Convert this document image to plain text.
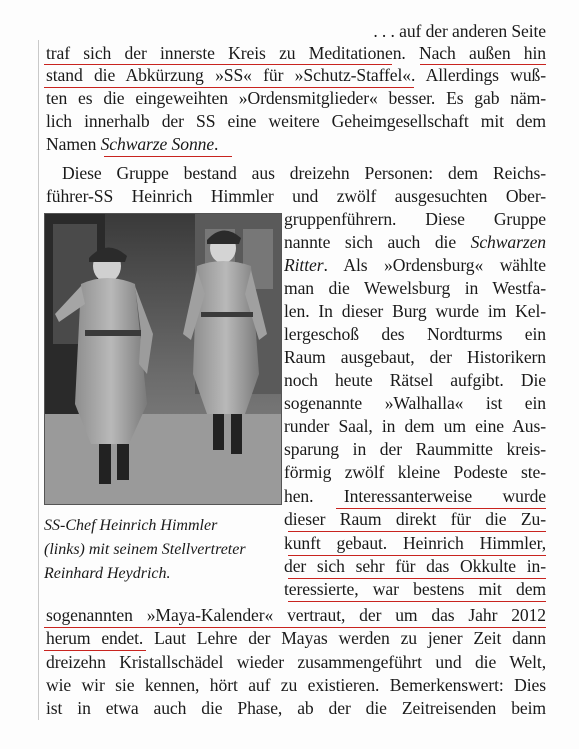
. . . auf der anderen Seite
traf sich der innerste Kreis zu Meditationen. Nach außen hin
stand die Abkürzung »SS« für »Schutz-Staffel«. Allerdings wuß-
ten es die eingeweihten »Ordensmitglieder« besser. Es gab näm-
lich innerhalb der SS eine weitere Geheimgesellschaft mit dem
Namen Schwarze Sonne.
Diese Gruppe bestand aus dreizehn Personen: dem Reichs-
führer-SS Heinrich Himmler und zwölf ausgesuchten Ober-
gruppenführern. Diese Gruppe
nannte sich auch die Schwarzen
Ritter. Als »Ordensburg« wählte
man die Wewelsburg in Westfa-
len. In dieser Burg wurde im Kel-
lergeschoß des Nordturms ein
Raum ausgebaut, der Historikern
noch heute Rätsel aufgibt. Die
sogenannte »Walhalla« ist ein
runder Saal, in dem um eine Aus-
sparung in der Raummitte kreis-
förmig zwölf kleine Podeste ste-
hen. Interessanterweise wurde
dieser Raum direkt für die Zu-
kunft gebaut. Heinrich Himmler,
der sich sehr für das Okkulte in-
teressierte, war bestens mit dem
SS-Chef Heinrich Himmler
(links) mit seinem Stellvertreter
Reinhard Heydrich.
sogenannten »Maya-Kalender« vertraut, der um das Jahr 2012
herum endet. Laut Lehre der Mayas werden zu jener Zeit dann
dreizehn Kristallschädel wieder zusammengeführt und die Welt,
wie wir sie kennen, hört auf zu existieren. Bemerkenswert: Dies
ist in etwa auch die Phase, ab der die Zeitreisenden beim
